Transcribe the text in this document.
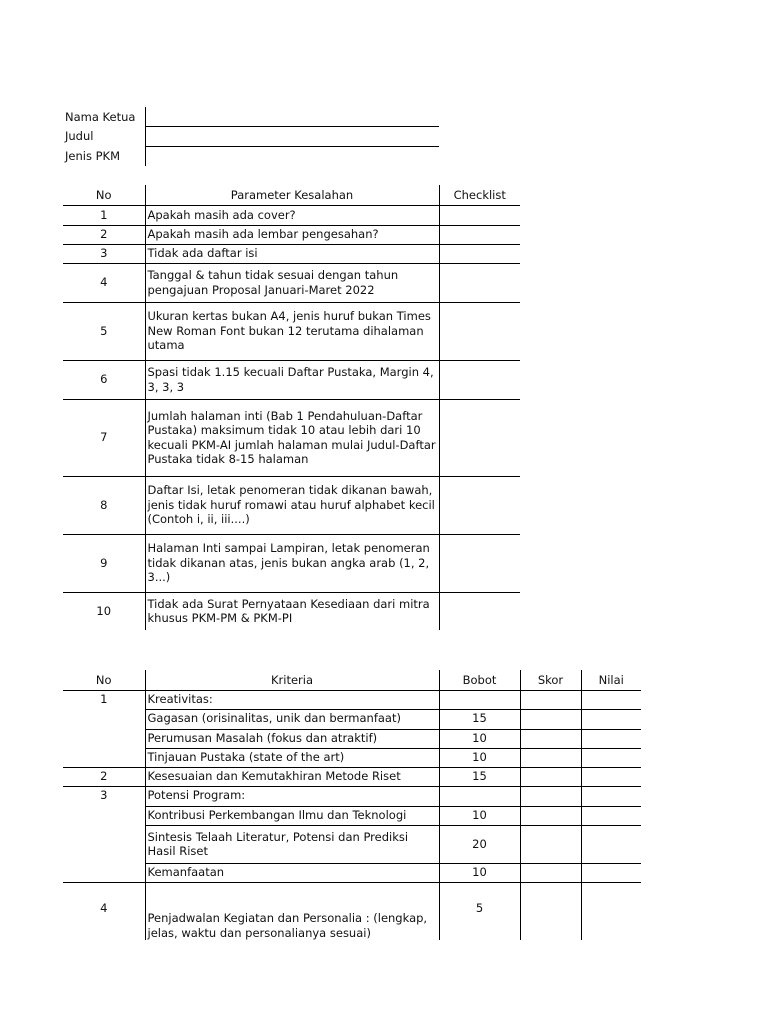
Nama Ketua	
Judul	
Jenis PKM	
No	Parameter Kesalahan	Checklist
1	Apakah masih ada cover?	
2	Apakah masih ada lembar pengesahan?	
3	Tidak ada daftar isi	
4	Tanggal & tahun tidak sesuai dengan tahun pengajuan Proposal Januari-Maret 2022	
5	Ukuran kertas bukan A4, jenis huruf bukan Times New Roman Font bukan 12 terutama dihalaman utama	
6	Spasi tidak 1.15 kecuali Daftar Pustaka, Margin 4, 3, 3, 3	
7	Jumlah halaman inti (Bab 1 Pendahuluan-Daftar Pustaka) maksimum tidak 10 atau lebih dari 10 kecuali PKM-AI jumlah halaman mulai Judul-Daftar Pustaka tidak 8-15 halaman	
8	Daftar Isi, letak penomeran tidak dikanan bawah, jenis tidak huruf romawi atau huruf alphabet kecil (Contoh i, ii, iii....)	
9	Halaman Inti sampai Lampiran, letak penomeran tidak dikanan atas, jenis bukan angka arab (1, 2, 3...)	
10	Tidak ada Surat Pernyataan Kesediaan dari mitra khusus PKM-PM & PKM-PI	
No	Kriteria	Bobot	Skor	Nilai
1	Kreativitas:			
	Gagasan (orisinalitas, unik dan bermanfaat)	15		
	Perumusan Masalah (fokus dan atraktif)	10		
	Tinjauan Pustaka (state of the art)	10		
2	Kesesuaian dan Kemutakhiran Metode Riset	15		
3	Potensi Program:			
	Kontribusi Perkembangan Ilmu dan Teknologi	10		
	Sintesis Telaah Literatur, Potensi dan Prediksi Hasil Riset	20		
	Kemanfaatan	10		
4	Penjadwalan Kegiatan dan Personalia : (lengkap, jelas, waktu dan personalianya sesuai)	5		
